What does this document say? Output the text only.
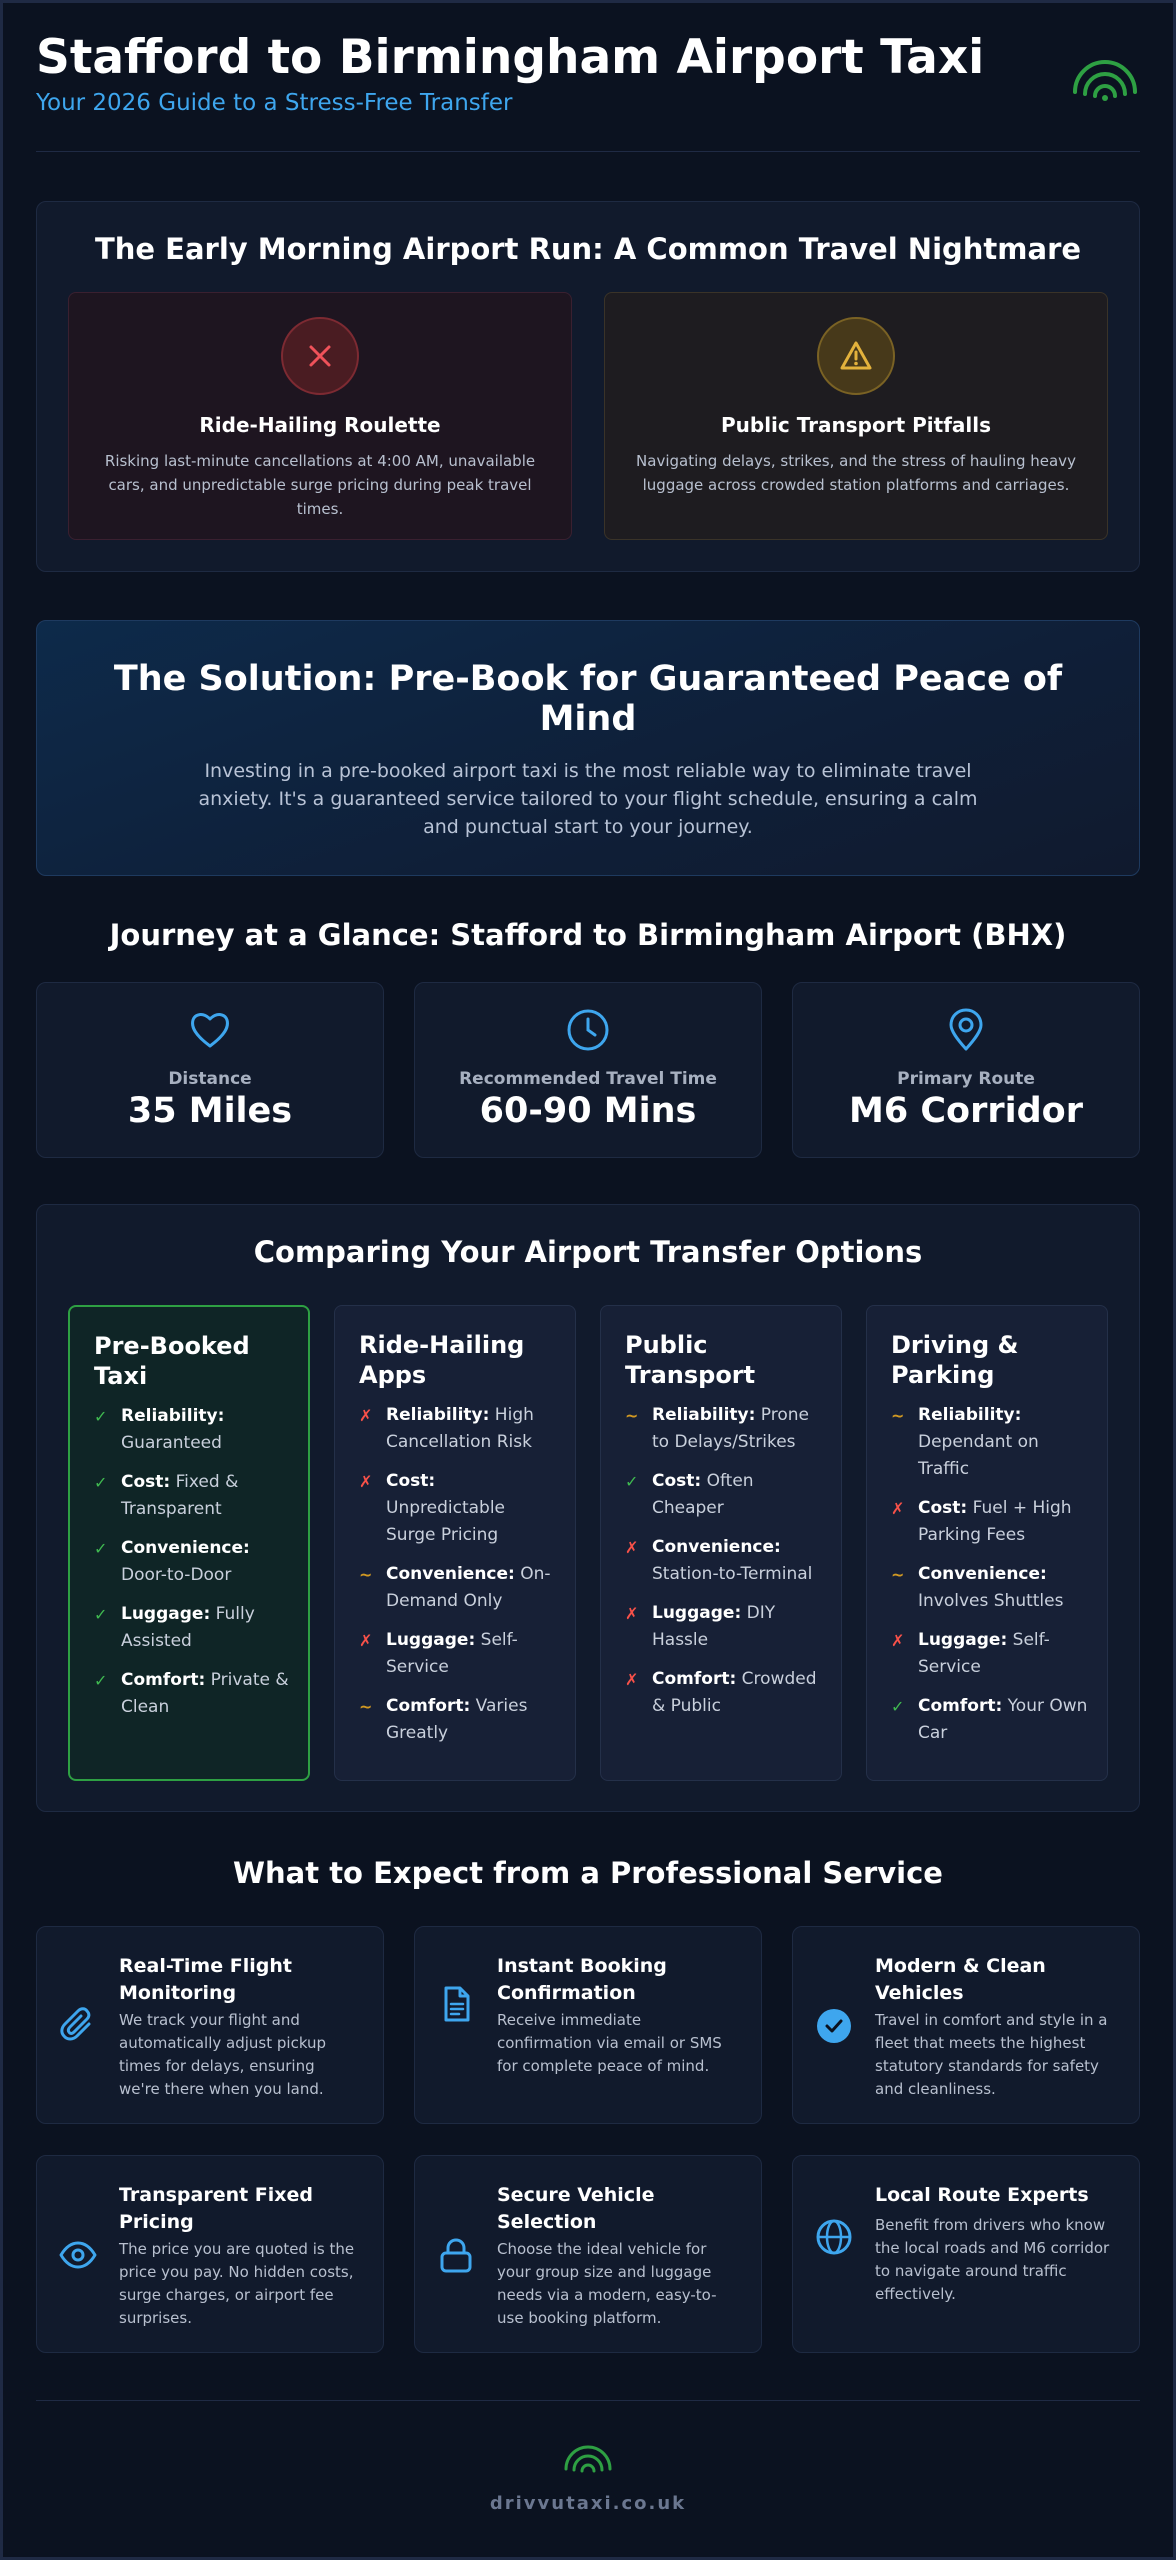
Stafford to Birmingham Airport Taxi
Your 2026 Guide to a Stress-Free Transfer
The Early Morning Airport Run: A Common Travel Nightmare
Ride-Hailing Roulette

Risking last-minute cancellations at 4:00 AM, unavailable cars, and unpredictable surge pricing during peak travel times.

Public Transport Pitfalls

Navigating delays, strikes, and the stress of hauling heavy luggage across crowded station platforms and carriages.

The Solution: Pre-Book for Guaranteed Peace of Mind

Investing in a pre-booked airport taxi is the most reliable way to eliminate travel anxiety. It's a guaranteed service tailored to your flight schedule, ensuring a calm and punctual start to your journey.

Journey at a Glance: Stafford to Birmingham Airport (BHX)
Distance
35 Miles
Recommended Travel Time
60-90 Mins
Primary Route
M6 Corridor
Comparing Your Airport Transfer Options
Pre-Booked Taxi
✓ Reliability: Guaranteed
✓ Cost: Fixed & Transparent
✓ Convenience: Door-to-Door
✓ Luggage: Fully Assisted
✓ Comfort: Private & Clean
Ride-Hailing Apps
✗ Reliability: High Cancellation Risk
✗ Cost: Unpredictable Surge Pricing
~ Convenience: On-Demand Only
✗ Luggage: Self-Service
~ Comfort: Varies Greatly
Public Transport
~ Reliability: Prone to Delays/Strikes
✓ Cost: Often Cheaper
✗ Convenience: Station-to-Terminal
✗ Luggage: DIY Hassle
✗ Comfort: Crowded & Public
Driving & Parking
~ Reliability: Dependant on Traffic
✗ Cost: Fuel + High Parking Fees
~ Convenience: Involves Shuttles
✗ Luggage: Self-Service
✓ Comfort: Your Own Car
What to Expect from a Professional Service
Real-Time Flight Monitoring

We track your flight and automatically adjust pickup times for delays, ensuring we're there when you land.

Instant Booking Confirmation

Receive immediate confirmation via email or SMS for complete peace of mind.

Modern & Clean Vehicles

Travel in comfort and style in a fleet that meets the highest statutory standards for safety and cleanliness.

Transparent Fixed Pricing

The price you are quoted is the price you pay. No hidden costs, surge charges, or airport fee surprises.

Secure Vehicle Selection

Choose the ideal vehicle for your group size and luggage needs via a modern, easy-to-use booking platform.

Local Route Experts

Benefit from drivers who know the local roads and M6 corridor to navigate around traffic effectively.

drivvutaxi.co.uk
